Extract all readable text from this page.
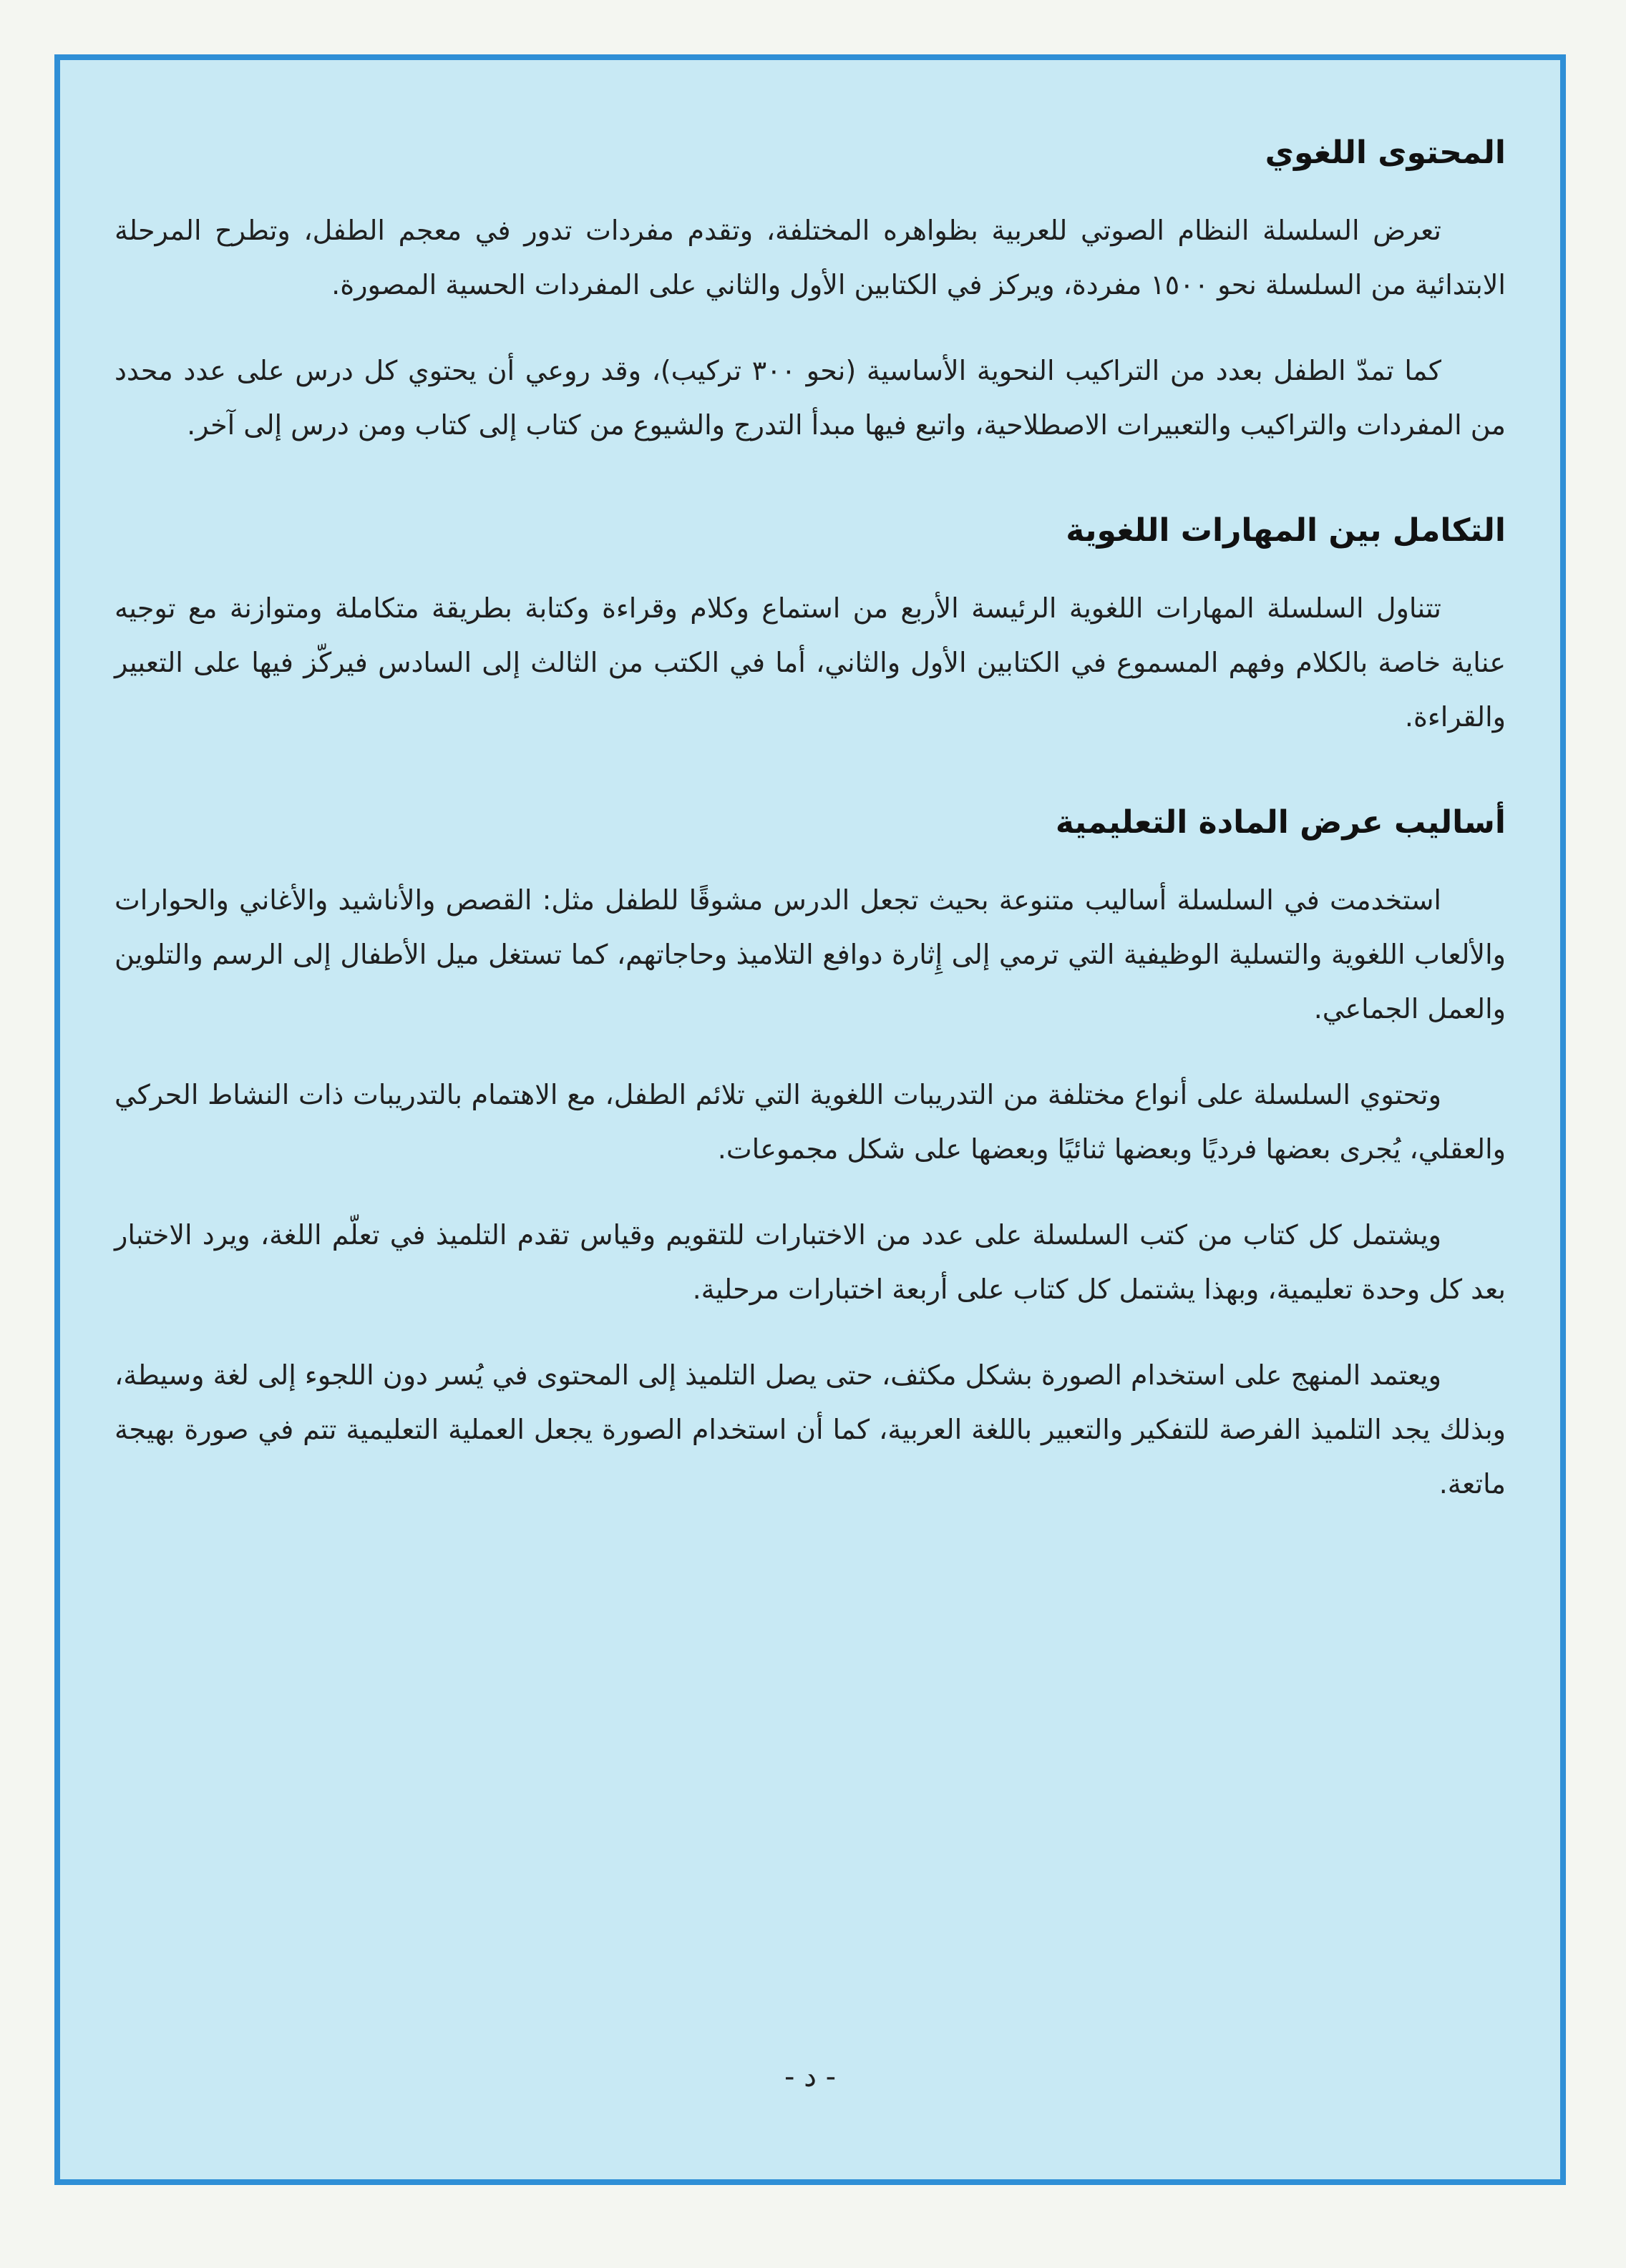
المحتوى اللغوي

تعرض السلسلة النظام الصوتي للعربية بظواهره المختلفة، وتقدم مفردات تدور في معجم الطفل، وتطرح المرحلة الابتدائية من السلسلة نحو ١٥٠٠ مفردة، ويركز في الكتابين الأول والثاني على المفردات الحسية المصورة.

كما تمدّ الطفل بعدد من التراكيب النحوية الأساسية (نحو ٣٠٠ تركيب)، وقد روعي أن يحتوي كل درس على عدد محدد من المفردات والتراكيب والتعبيرات الاصطلاحية، واتبع فيها مبدأ التدرج والشيوع من كتاب إلى كتاب ومن درس إلى آخر.

التكامل بين المهارات اللغوية

تتناول السلسلة المهارات اللغوية الرئيسة الأربع من استماع وكلام وقراءة وكتابة بطريقة متكاملة ومتوازنة مع توجيه عناية خاصة بالكلام وفهم المسموع في الكتابين الأول والثاني، أما في الكتب من الثالث إلى السادس فيركّز فيها على التعبير والقراءة.

أساليب عرض المادة التعليمية

استخدمت في السلسلة أساليب متنوعة بحيث تجعل الدرس مشوقًا للطفل مثل: القصص والأناشيد والأغاني والحوارات والألعاب اللغوية والتسلية الوظيفية التي ترمي إلى إِثارة دوافع التلاميذ وحاجاتهم، كما تستغل ميل الأطفال إلى الرسم والتلوين والعمل الجماعي.

وتحتوي السلسلة على أنواع مختلفة من التدريبات اللغوية التي تلائم الطفل، مع الاهتمام بالتدريبات ذات النشاط الحركي والعقلي، يُجرى بعضها فرديًا وبعضها ثنائيًا وبعضها على شكل مجموعات.

ويشتمل كل كتاب من كتب السلسلة على عدد من الاختبارات للتقويم وقياس تقدم التلميذ في تعلّم اللغة، ويرد الاختبار بعد كل وحدة تعليمية، وبهذا يشتمل كل كتاب على أربعة اختبارات مرحلية.

ويعتمد المنهج على استخدام الصورة بشكل مكثف، حتى يصل التلميذ إلى المحتوى في يُسر دون اللجوء إلى لغة وسيطة، وبذلك يجد التلميذ الفرصة للتفكير والتعبير باللغة العربية، كما أن استخدام الصورة يجعل العملية التعليمية تتم في صورة بهيجة ماتعة.

- د -
